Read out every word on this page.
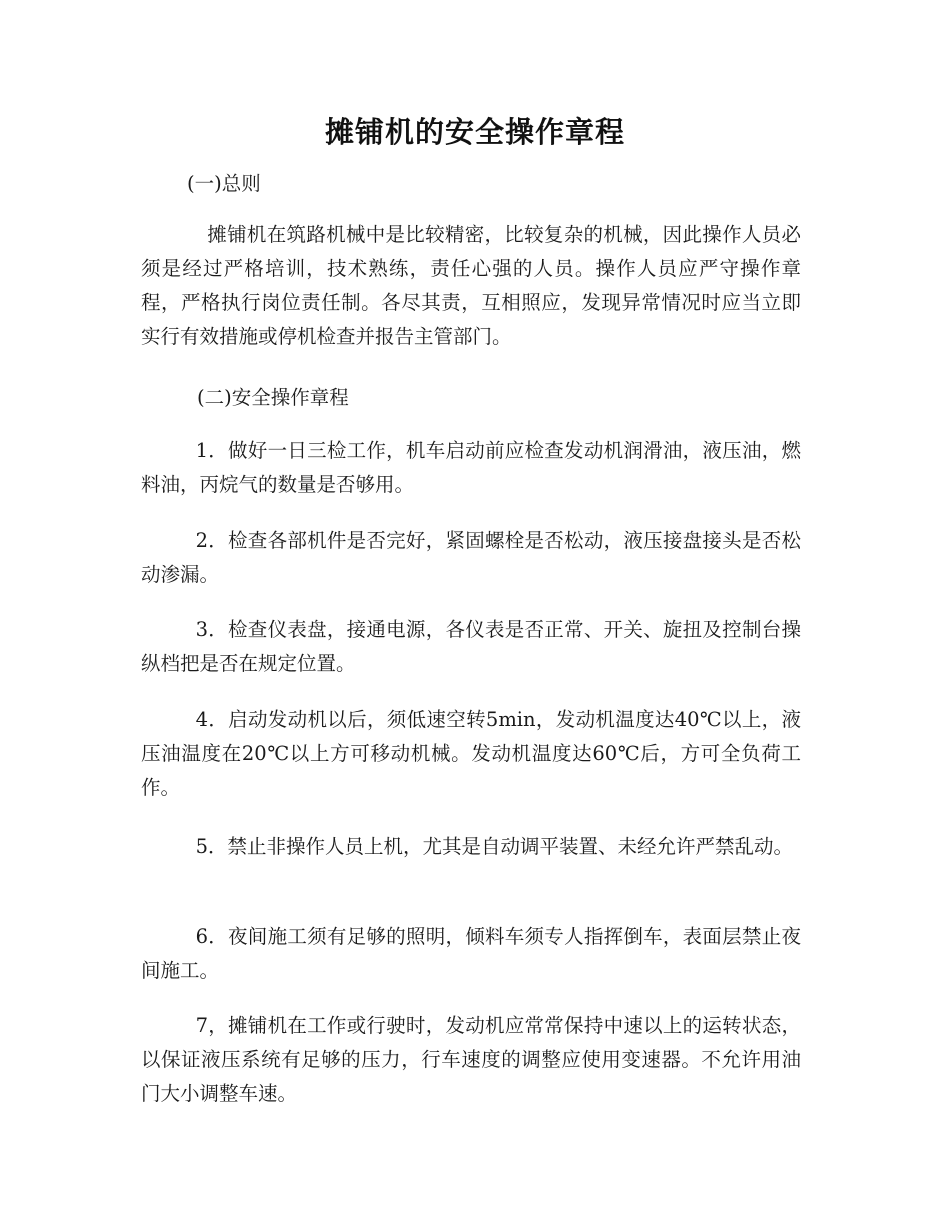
摊铺机的安全操作章程
(一)总则
摊铺机在筑路机械中是比较精密，比较复杂的机械，因此操作人员必须是经过严格培训，技术熟练，责任心强的人员。操作人员应严守操作章程，严格执行岗位责任制。各尽其责，互相照应，发现异常情况时应当立即实行有效措施或停机检查并报告主管部门。
(二)安全操作章程
1．做好一日三检工作，机车启动前应检查发动机润滑油，液压油，燃料油，丙烷气的数量是否够用。
2．检查各部机件是否完好，紧固螺栓是否松动，液压接盘接头是否松动渗漏。
3．检查仪表盘，接通电源，各仪表是否正常、开关、旋扭及控制台操纵档把是否在规定位置。
4．启动发动机以后，须低速空转5min，发动机温度达40℃以上，液压油温度在20℃以上方可移动机械。发动机温度达60℃后，方可全负荷工作。
5．禁止非操作人员上机，尤其是自动调平装置、未经允许严禁乱动。
6．夜间施工须有足够的照明，倾料车须专人指挥倒车，表面层禁止夜间施工。
7，摊铺机在工作或行驶时，发动机应常常保持中速以上的运转状态，以保证液压系统有足够的压力，行车速度的调整应使用变速器。不允许用油门大小调整车速。
